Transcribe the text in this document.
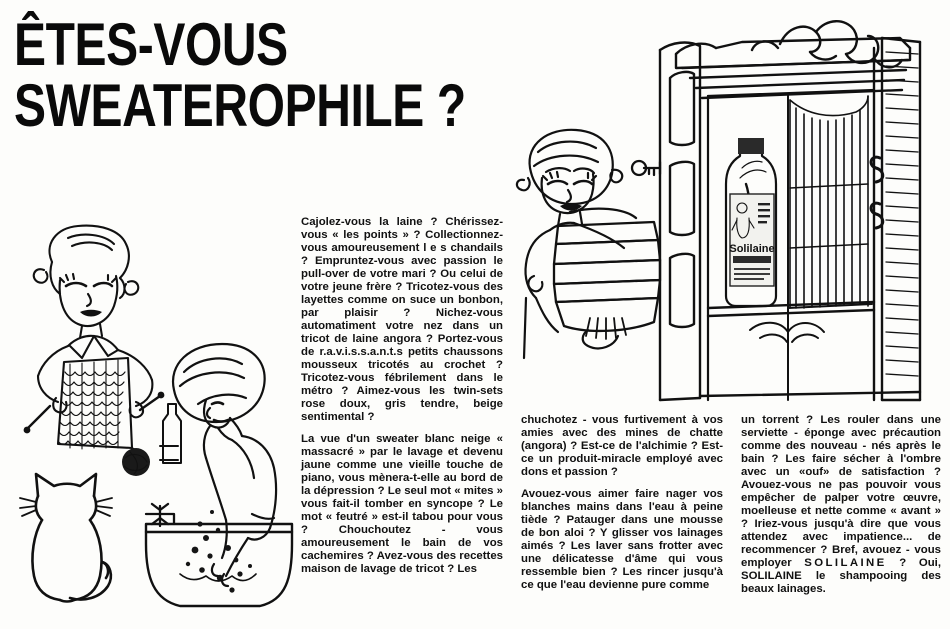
ÊTES-VOUS
SWEATEROPHILE ?
Solilaine

Cajolez-vous la laine ? Chérissez-vous « les points » ? Collectionnez-vous amoureusement l e s chandails ? Empruntez-vous avec passion le pull-over de votre mari ? Ou celui de votre jeune frère ? Tricotez-vous des layettes comme on suce un bonbon, par plaisir ? Nichez-vous automatiment votre nez dans un tricot de laine angora ? Portez-vous de r.a.v.i.s.s.a.n.t.s petits chaussons mousseux tricotés au crochet ? Tricotez-vous fébrilement dans le métro ? Aimez-vous les twin-sets rose doux, gris tendre, beige sentimental ?

La vue d'un sweater blanc neige « massacré » par le lavage et devenu jaune comme une vieille touche de piano, vous mènera-t-elle au bord de la dépression ? Le seul mot « mites » vous fait-il tomber en syncope ? Le mot « feutré » est-il tabou pour vous ? Chouchoutez - vous amoureusement le bain de vos cachemires ? Avez-vous des recettes maison de lavage de tricot ? Les

chuchotez - vous furtivement à vos amies avec des mines de chatte (angora) ? Est-ce de l'alchimie ? Est-ce un produit-miracle employé avec dons et passion ?

Avouez-vous aimer faire nager vos blanches mains dans l'eau à peine tiède ? Patauger dans une mousse de bon aloi ? Y glisser vos lainages aimés ? Les laver sans frotter avec une délicatesse d'âme qui vous ressemble bien ? Les rincer jusqu'à ce que l'eau devienne pure comme

un torrent ? Les rouler dans une serviette - éponge avec précaution comme des nouveau - nés après le bain ? Les faire sécher à l'ombre avec un «ouf» de satisfaction ? Avouez-vous ne pas pouvoir vous empêcher de palper votre œuvre, moelleuse et nette comme « avant » ? Iriez-vous jusqu'à dire que vous attendez avec impatience... de recommencer ? Bref, avouez - vous employer SOLILAINE ? Oui, SOLILAINE le shampooing des beaux lainages.
